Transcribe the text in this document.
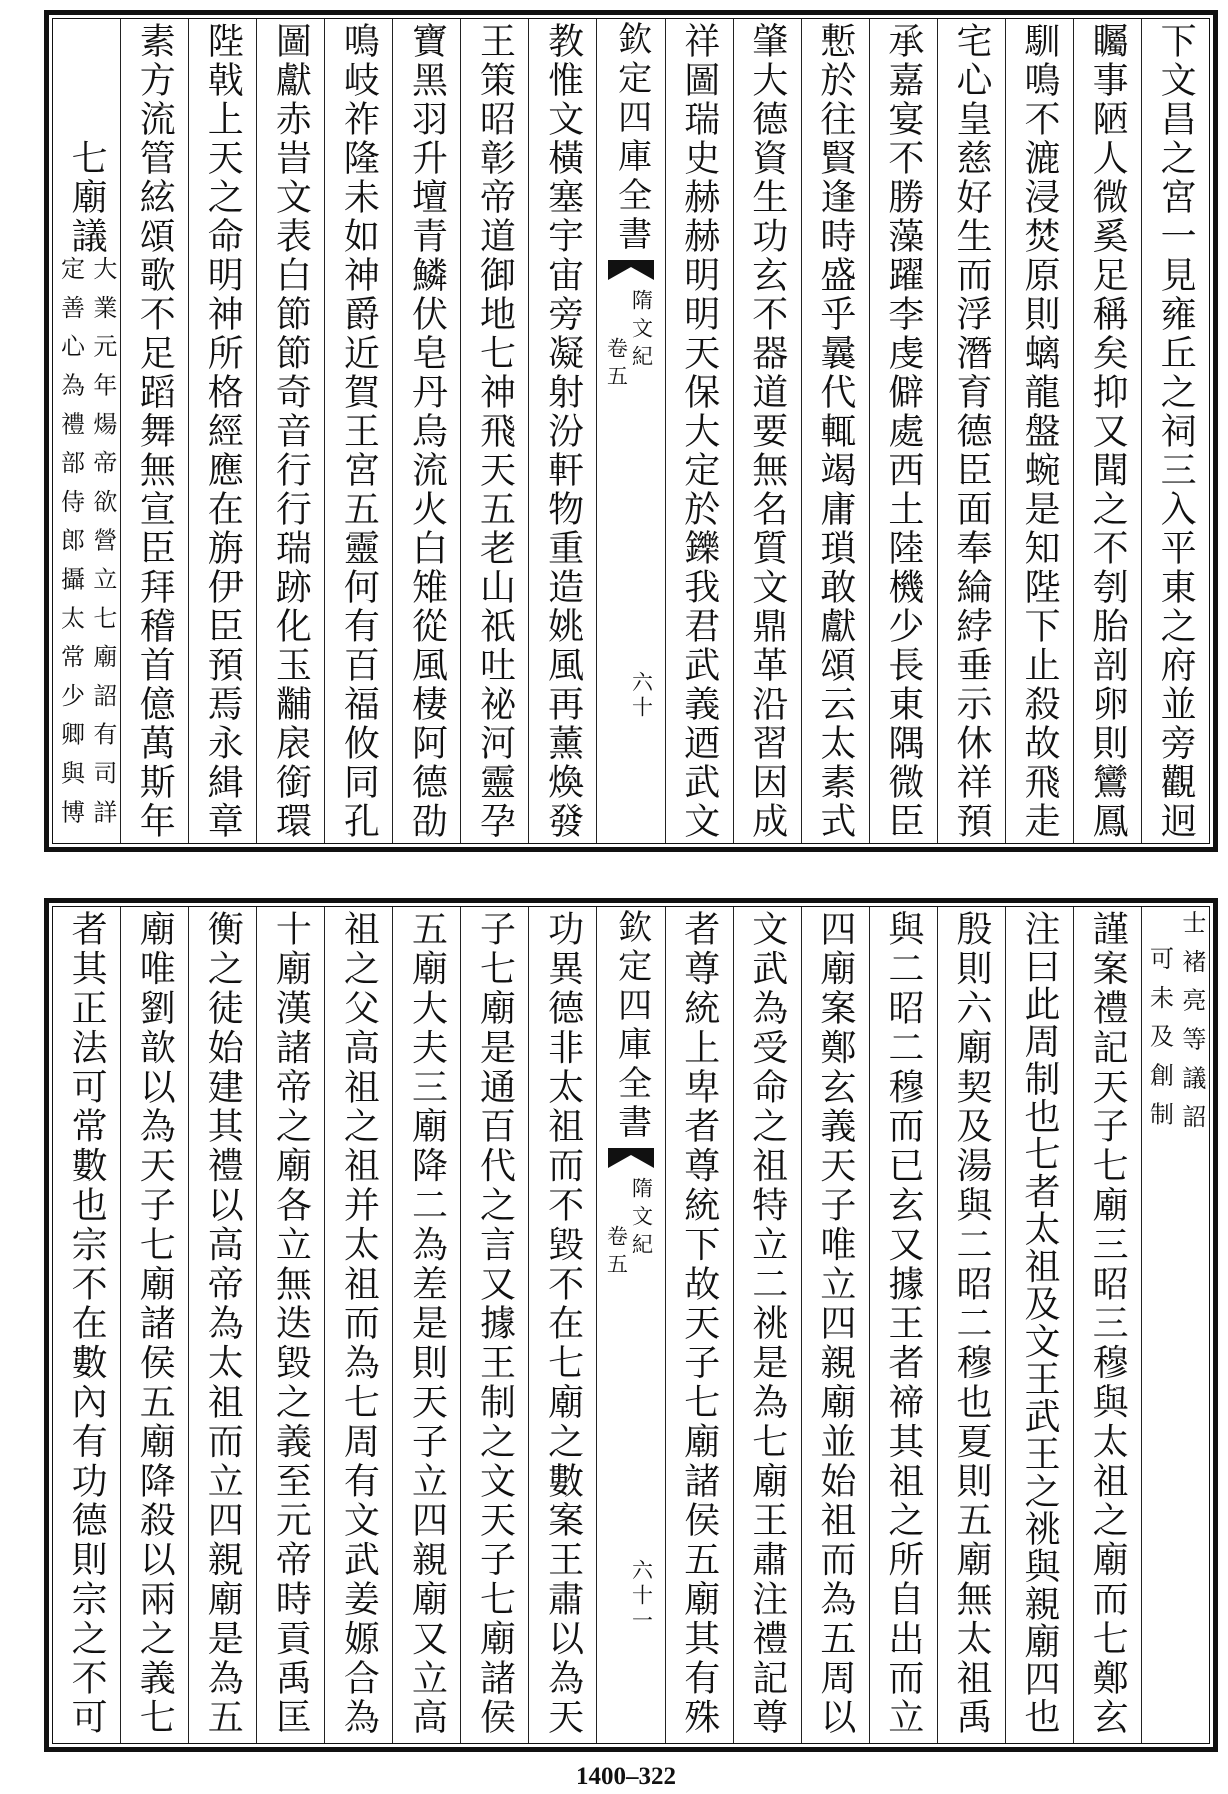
下文昌之宮一見雍丘之祠三入平東之府並旁觀迥
矚事陋人微奚足稱矣抑又聞之不刳胎剖卵則鸞鳳
馴鳴不漉浸焚原則螭龍盤蜿是知陛下止殺故飛走
宅心皇慈好生而浮潛育德臣面奉綸綍垂示休祥預
承嘉宴不勝藻躍李虔僻處西土陸機少長東隅微臣
慙於往賢逢時盛乎曩代輒竭庸瑣敢獻頌云太素式
肇大德資生功玄不器道要無名質文鼎革沿習因成
祥圖瑞史赫赫明明天保大定於鑠我君武義迺武文
欽定四庫全書
隋文紀
卷五
六十
教惟文橫塞宇宙旁凝射汾軒物重造姚風再薰煥發
王策昭彰帝道御地七神飛天五老山祇吐祕河靈孕
寶黑羽升壇青鱗伏皂丹烏流火白雉從風棲阿德劭
鳴岐祚隆未如神爵近賀王宮五靈何有百福攸同孔
圖獻赤旹文表白節節奇音行行瑞跡化玉黼扆銜環
陛戟上天之命明神所格經應在旃伊臣預焉永緝章
素方流管絃頌歌不足蹈舞無宣臣拜稽首億萬斯年
七廟議
大業元年煬帝欲營立七廟詔有司詳
定善心為禮部侍郎攝太常少卿與博
士褚亮等議詔
可未及創制
謹案禮記天子七廟三昭三穆與太祖之廟而七鄭玄
注曰此周制也七者太祖及文王武王之祧與親廟四也
殷則六廟契及湯與二昭二穆也夏則五廟無太祖禹
與二昭二穆而已玄又據王者禘其祖之所自出而立
四廟案鄭玄義天子唯立四親廟並始祖而為五周以
文武為受命之祖特立二祧是為七廟王肅注禮記尊
者尊統上卑者尊統下故天子七廟諸侯五廟其有殊
欽定四庫全書
隋文紀
卷五
六十一
功異德非太祖而不毀不在七廟之數案王肅以為天
子七廟是通百代之言又據王制之文天子七廟諸侯
五廟大夫三廟降二為差是則天子立四親廟又立高
祖之父高祖之祖并太祖而為七周有文武姜嫄合為
十廟漢諸帝之廟各立無迭毀之義至元帝時貢禹匡
衡之徒始建其禮以高帝為太祖而立四親廟是為五
廟唯劉歆以為天子七廟諸侯五廟降殺以兩之義七
者其正法可常數也宗不在數內有功德則宗之不可
1400–322
